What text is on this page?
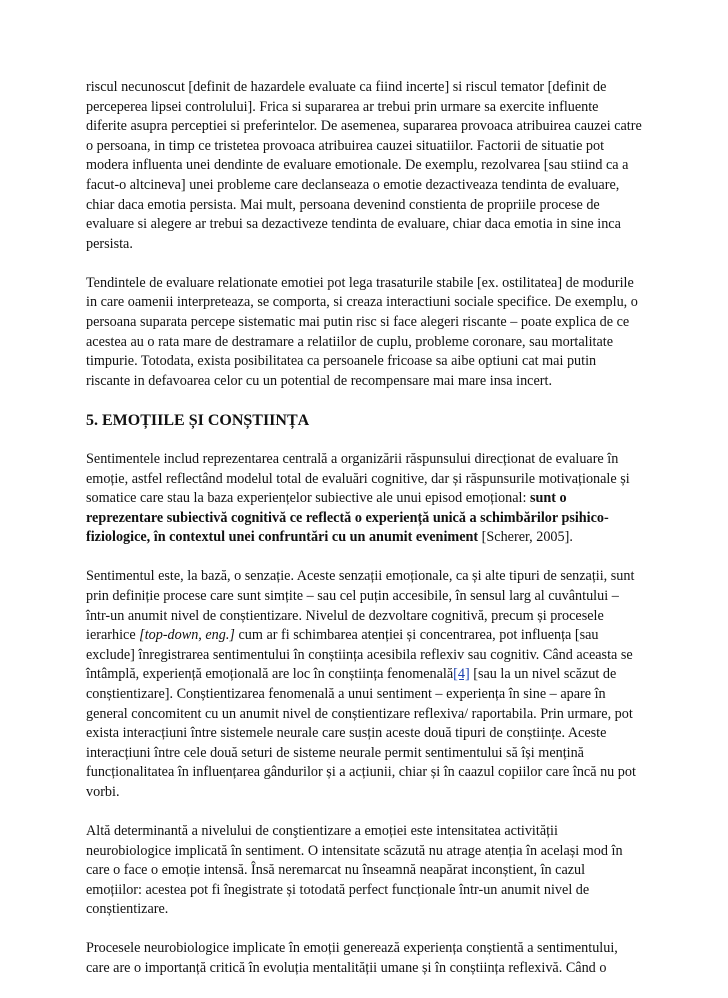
riscul necunoscut [definit de hazardele evaluate ca fiind incerte] si riscul temator [definit de perceperea lipsei controlului]. Frica si supararea ar trebui prin urmare sa exercite influente diferite asupra perceptiei si preferintelor. De asemenea, supararea provoaca atribuirea cauzei catre o persoana, in timp ce tristetea provoaca atribuirea cauzei situatiilor. Factorii de situatie pot modera influenta unei dendinte de evaluare emotionale. De exemplu, rezolvarea [sau stiind ca a facut-o altcineva] unei probleme care declanseaza o emotie dezactiveaza tendinta de evaluare, chiar daca emotia persista. Mai mult, persoana devenind constienta de propriile procese de evaluare si alegere ar trebui sa dezactiveze tendinta de evaluare, chiar daca emotia in sine inca persista.

Tendintele de evaluare relationate emotiei pot lega trasaturile stabile [ex. ostilitatea] de modurile in care oamenii interpreteaza, se comporta, si creaza interactiuni sociale specifice. De exemplu, o persoana suparata percepe sistematic mai putin risc si face alegeri riscante – poate explica de ce acestea au o rata mare de destramare a relatiilor de cuplu, probleme coronare, sau mortalitate timpurie. Totodata, exista posibilitatea ca persoanele fricoase sa aibe optiuni cat mai putin riscante in defavoarea celor cu un potential de recompensare mai mare insa incert.

5. EMOȚIILE ȘI CONȘTIINȚA

Sentimentele includ reprezentarea centrală a organizării răspunsului direcționat de evaluare în emoție, astfel reflectând modelul total de evaluări cognitive, dar și răspunsurile motivaționale și somatice care stau la baza experiențelor subiective ale unui episod emoțional: sunt o reprezentare subiectivă cognitivă ce reflectă o experiență unică a schimbărilor psihico-fiziologice, în contextul unei confruntări cu un anumit eveniment [Scherer, 2005].

Sentimentul este, la bază, o senzație. Aceste senzații emoționale, ca și alte tipuri de senzații, sunt prin definiție procese care sunt simțite – sau cel puțin accesibile, în sensul larg al cuvântului – într-un anumit nivel de conștientizare. Nivelul de dezvoltare cognitivă, precum și procesele ierarhice [top-down, eng.] cum ar fi schimbarea atenției și concentrarea, pot influența [sau exclude] înregistrarea sentimentului în conștiința acesibila reflexiv sau cognitiv. Când aceasta se întâmplă, experiență emoțională are loc în conștiința fenomenală[4] [sau la un nivel scăzut de conștientizare]. Conștientizarea fenomenală a unui sentiment – experiența în sine – apare în general concomitent cu un anumit nivel de conștientizare reflexiva/ raportabila. Prin urmare, pot exista interacțiuni între sistemele neurale care susțin aceste două tipuri de conștiințe. Aceste interacțiuni între cele două seturi de sisteme neurale permit sentimentului să își mențină funcționalitatea în influențarea gândurilor și a acțiunii, chiar și în caazul copiilor care încă nu pot vorbi.

Altă determinantă a nivelului de conştientizare a emoției este intensitatea activității neurobiologice implicată în sentiment. O intensitate scăzută nu atrage atenția în același mod în care o face o emoție intensă. Însă neremarcat nu înseamnă neapărat inconștient, în cazul emoțiilor: acestea pot fi înegistrate și totodată perfect funcționale într-un anumit nivel de conștientizare.

Procesele neurobiologice implicate în emoții generează experiența conștientă a sentimentului, care are o importanță critică în evoluția mentalității umane și în conștiința reflexivă. Când o
